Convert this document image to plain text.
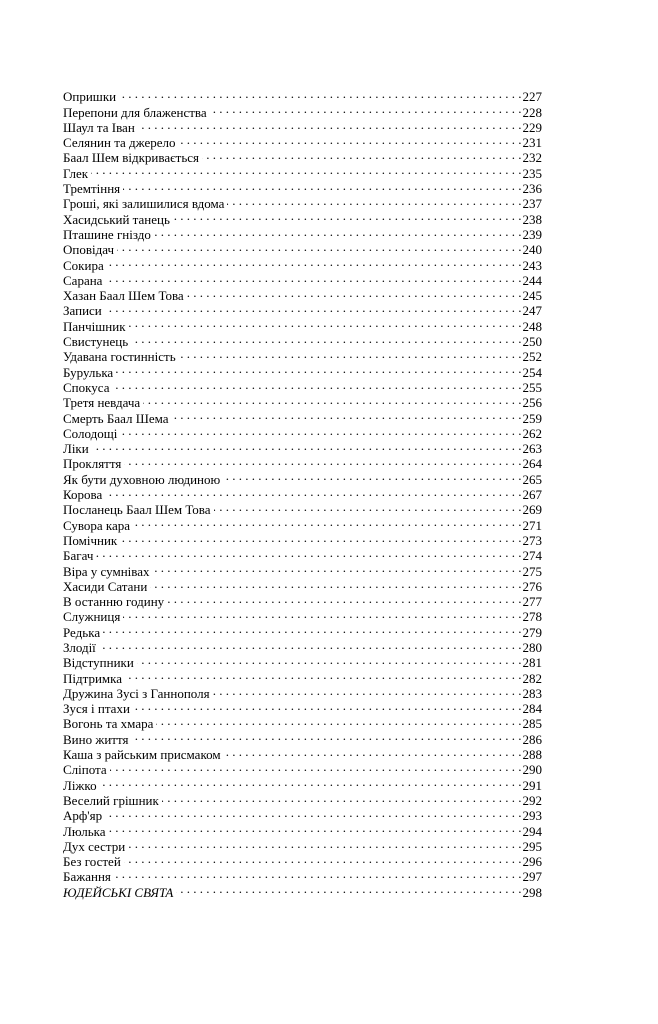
Опришки . . .	227
Перепони для блаженства . . .	228
Шаул та Іван . . .	229
Селянин та джерело . . .	231
Баал Шем відкривається . . .	232
Глек . . .	235
Тремтіння . . .	236
Гроші, які залишилися вдома . . .	237
Хасидський танець . . .	238
Пташине гніздо . . .	239
Оповідач . . .	240
Сокира . . .	243
Сарана . . .	244
Хазан Баал Шем Това . . .	245
Записи . . .	247
Панчішник . . .	248
Свистунець . . .	250
Удавана гостинність . . .	252
Бурулька . . .	254
Спокуса . . .	255
Третя невдача . . .	256
Смерть Баал Шема . . .	259
Солодощі . . .	262
Ліки . . .	263
Прокляття . . .	264
Як бути духовною людиною . . .	265
Корова . . .	267
Посланець Баал Шем Това . . .	269
Сувора кара . . .	271
Помічник . . .	273
Багач . . .	274
Віра у сумнівах . . .	275
Хасиди Сатани . . .	276
В останню годину . . .	277
Служниця . . .	278
Редька . . .	279
Злодії . . .	280
Відступники . . .	281
Підтримка . . .	282
Дружина Зусі з Ганнополя . . .	283
Зуся і птахи . . .	284
Вогонь та хмара . . .	285
Вино життя . . .	286
Каша з райським присмаком . . .	288
Сліпота . . .	290
Ліжко . . .	291
Веселий грішник . . .	292
Арф'яр . . .	293
Люлька . . .	294
Дух сестри . . .	295
Без гостей . . .	296
Бажання . . .	297
ЮДЕЙСЬКІ СВЯТА . . .	298
